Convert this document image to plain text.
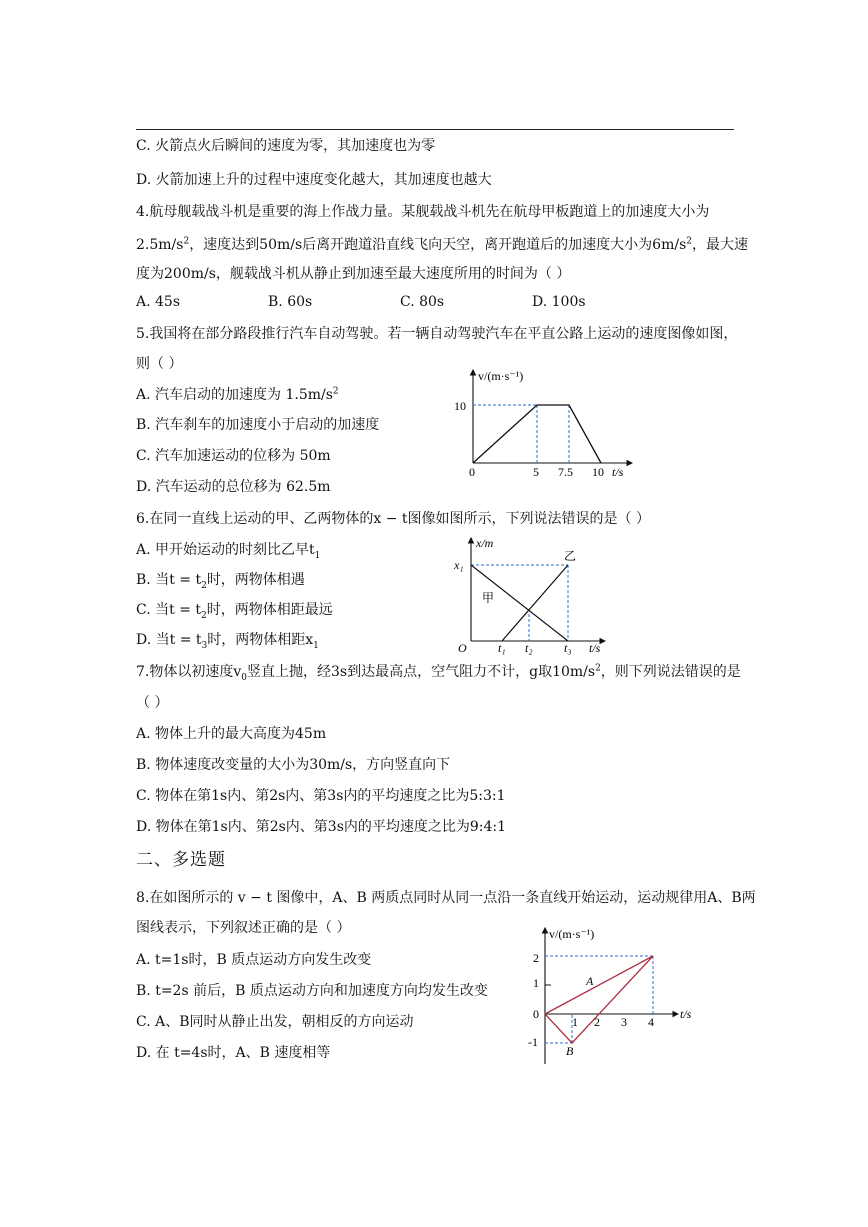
C. 火箭点火后瞬间的速度为零，其加速度也为零
D. 火箭加速上升的过程中速度变化越大，其加速度也越大
4.航母舰载战斗机是重要的海上作战力量。某舰载战斗机先在航母甲板跑道上的加速度大小为
$2.5m/s^2$，速度达到50m/s后离开跑道沿直线飞向天空，离开跑道后的加速度大小为$6m/s^2$，最大速
度为200m/s，舰载战斗机从静止到加速至最大速度所用的时间为（ ）
A. 45s	B. 60s	C. 80s	D. 100s
5.我国将在部分路段推行汽车自动驾驶。若一辆自动驾驶汽车在平直公路上运动的速度图像如图，
则（ ）
A. 汽车启动的加速度为 $1.5m/s^2$
B. 汽车刹车的加速度小于启动的加速度
C. 汽车加速运动的位移为 50m
D. 汽车运动的总位移为 62.5m
6.在同一直线上运动的甲、乙两物体的x − t图像如图所示，下列说法错误的是（ ）
A. 甲开始运动的时刻比乙早$t_1$
B. 当$t = t_2$时，两物体相遇
C. 当$t = t_2$时，两物体相距最远
D. 当$t = t_3$时，两物体相距$x_1$
7.物体以初速度$v_0$竖直上抛，经3s到达最高点，空气阻力不计，g取$10m/s^2$，则下列说法错误的是
（ ）
A. 物体上升的最大高度为45m
B. 物体速度改变量的大小为30m/s，方向竖直向下
C. 物体在第1s内、第2s内、第3s内的平均速度之比为5:3:1
D. 物体在第1s内、第2s内、第3s内的平均速度之比为9:4:1
二、多选题
8.在如图所示的 v − t 图像中，A、B 两质点同时从同一点沿一条直线开始运动，运动规律用A、B两
图线表示，下列叙述正确的是（ ）
A. t=1s时，B 质点运动方向发生改变
B. t=2s 前后，B 质点运动方向和加速度方向均发生改变
C. A、B同时从静止出发，朝相反的方向运动
D. 在 t=4s时，A、B 速度相等
v/(m·s⁻¹)
10
0	5 7.5 10 t/s
x/m
x₁
O	t₁ t₂	t₃ t/s
甲
乙
v/(m·s⁻¹)
2
1
0
-1
1 2 3 4
t/s
A
B
